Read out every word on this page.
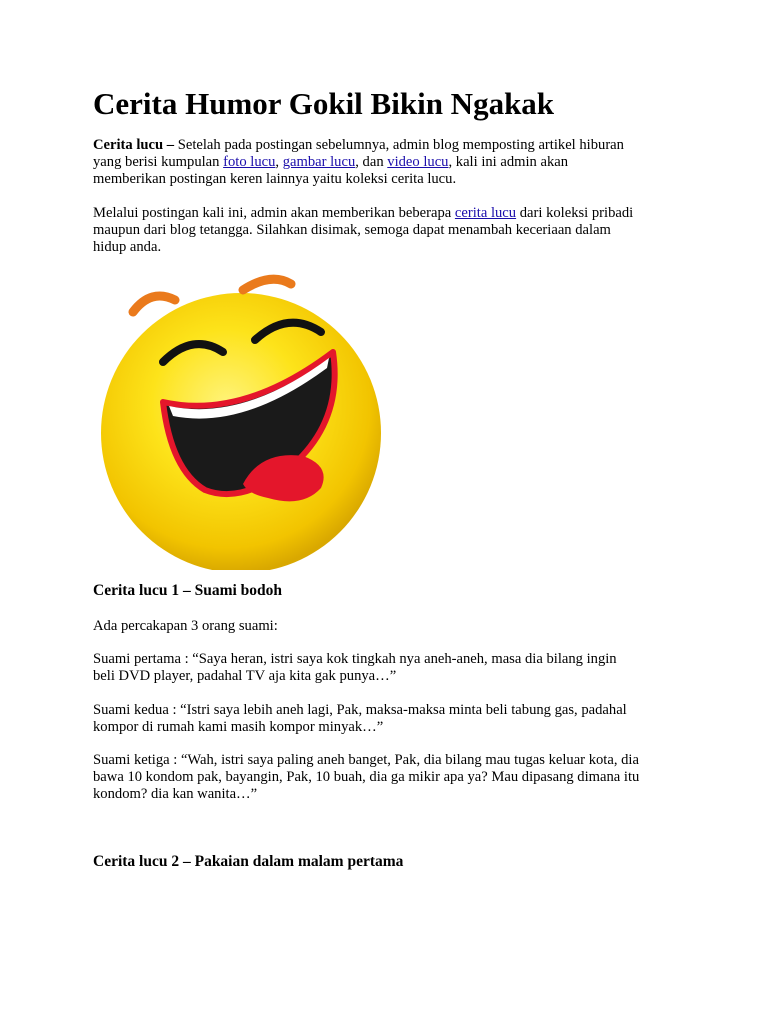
Cerita Humor Gokil Bikin Ngakak

Cerita lucu – Setelah pada postingan sebelumnya, admin blog memposting artikel hiburan
yang berisi kumpulan foto lucu, gambar lucu, dan video lucu, kali ini admin akan
memberikan postingan keren lainnya yaitu koleksi cerita lucu.

Melalui postingan kali ini, admin akan memberikan beberapa cerita lucu dari koleksi pribadi
maupun dari blog tetangga. Silahkan disimak, semoga dapat menambah keceriaan dalam
hidup anda.

Cerita lucu 1 – Suami bodoh

Ada percakapan 3 orang suami:

Suami pertama : “Saya heran, istri saya kok tingkah nya aneh-aneh, masa dia bilang ingin
beli DVD player, padahal TV aja kita gak punya…”

Suami kedua : “Istri saya lebih aneh lagi, Pak, maksa-maksa minta beli tabung gas, padahal
kompor di rumah kami masih kompor minyak…”

Suami ketiga : “Wah, istri saya paling aneh banget, Pak, dia bilang mau tugas keluar kota, dia
bawa 10 kondom pak, bayangin, Pak, 10 buah, dia ga mikir apa ya? Mau dipasang dimana itu
kondom? dia kan wanita…”

Cerita lucu 2 – Pakaian dalam malam pertama
